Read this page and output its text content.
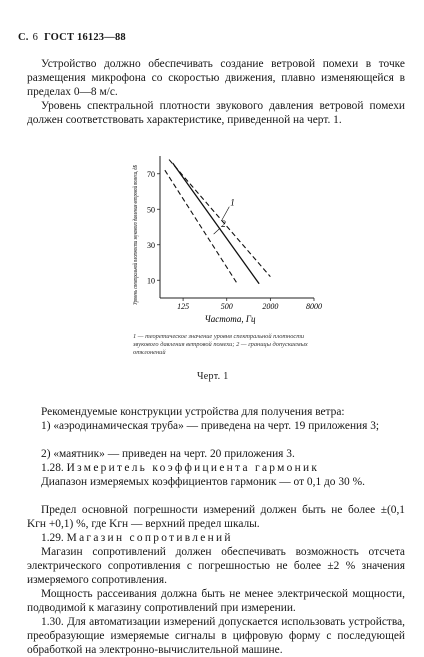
С. 6 ГОСТ 16123—88

Устройство должно обеспечивать создание ветровой помехи в точке размещения микрофона со скоростью движения, плавно изменяющейся в пределах 0—8 м/с.

Уровень спектральной плотности звукового давления ветровой помехи должен соответствовать характеристике, приведенной на черт. 1.

Уровень спектральной плотности звукового давления ветровой помехи, дБ 70
50
30
10
125	500	2000	8000
1
2
Частота, Гц

1 — теоретическое значение уровня спектральной плотности звукового давления ветровой помехи; 2 — границы допускаемых отклонений

Черт. 1

Рекомендуемые конструкции устройства для получения ветра:

1) «аэродинамическая труба» — приведена на черт. 19 приложения 3;

2) «маятник» — приведен на черт. 20 приложения 3.

1.28. Измеритель коэффициента гармоник

Диапазон измеряемых коэффициентов гармоник — от 0,1 до 30 %.

Предел основной погрешности измерений должен быть не более ±(0,1 Kгн +0,1) %, где Kгн — верхний предел шкалы.

1.29. Магазин сопротивлений

Магазин сопротивлений должен обеспечивать возможность отсчета электрического сопротивления с погрешностью не более ±2 % значения измеряемого сопротивления.

Мощность рассеивания должна быть не менее электрической мощности, подводимой к магазину сопротивлений при измерении.

1.30. Для автоматизации измерений допускается использовать устройства, преобразующие измеряемые сигналы в цифровую форму с последующей обработкой на электронно-вычислительной машине.
